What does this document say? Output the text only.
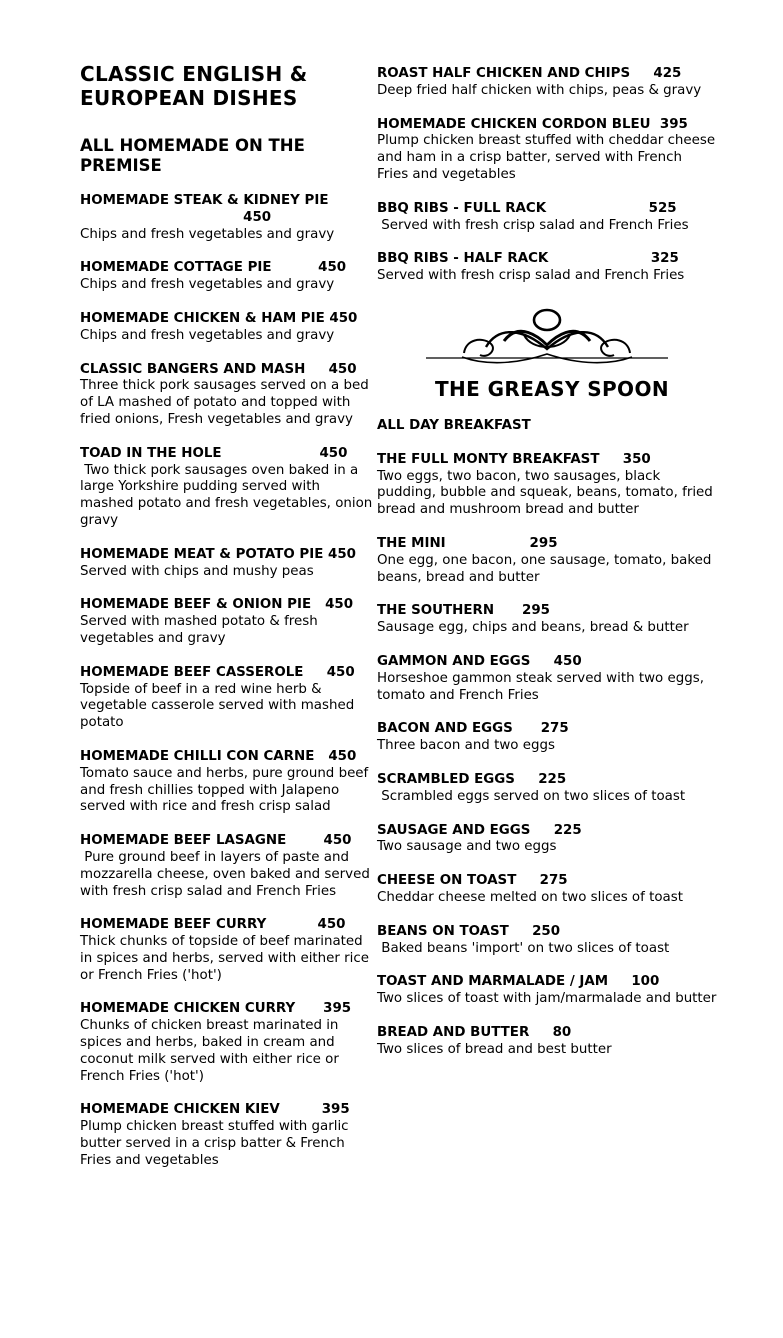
CLASSIC ENGLISH &
EUROPEAN DISHES
ALL HOMEMADE ON THE
PREMISE
HOMEMADE STEAK & KIDNEY PIE
450
Chips and fresh vegetables and gravy
HOMEMADE COTTAGE PIE          450
Chips and fresh vegetables and gravy
HOMEMADE CHICKEN & HAM PIE 450
Chips and fresh vegetables and gravy
CLASSIC BANGERS AND MASH     450
Three thick pork sausages served on a bed of LA mashed of potato and topped with fried onions, Fresh vegetables and gravy
TOAD IN THE HOLE                     450
Two thick pork sausages oven baked in a large Yorkshire pudding served with mashed potato and fresh vegetables, onion gravy
HOMEMADE MEAT & POTATO PIE 450
Served with chips and mushy peas
HOMEMADE BEEF & ONION PIE   450
Served with mashed potato & fresh vegetables and gravy
HOMEMADE BEEF CASSEROLE     450
Topside of beef in a red wine herb & vegetable casserole served with mashed potato
HOMEMADE CHILLI CON CARNE   450
Tomato sauce and herbs, pure ground beef and fresh chillies topped with Jalapeno served with rice and fresh crisp salad
HOMEMADE BEEF LASAGNE        450
Pure ground beef in layers of paste and mozzarella cheese, oven baked and served with fresh crisp salad and French Fries
HOMEMADE BEEF CURRY           450
Thick chunks of topside of beef marinated in spices and herbs, served with either rice or French Fries ('hot')
HOMEMADE CHICKEN CURRY      395
Chunks of chicken breast marinated in spices and herbs, baked in cream and coconut milk served with either rice or French Fries ('hot')
HOMEMADE CHICKEN KIEV         395
Plump chicken breast stuffed with garlic butter served in a crisp batter & French Fries and vegetables
ROAST HALF CHICKEN AND CHIPS     425
Deep fried half chicken with chips, peas & gravy
HOMEMADE CHICKEN CORDON BLEU  395
Plump chicken breast stuffed with cheddar cheese and ham in a crisp batter, served with French Fries and vegetables
BBQ RIBS - FULL RACK                      525
Served with fresh crisp salad and French Fries
BBQ RIBS - HALF RACK                      325
Served with fresh crisp salad and French Fries
THE GREASY SPOON
ALL DAY BREAKFAST
THE FULL MONTY BREAKFAST     350
Two eggs, two bacon, two sausages, black pudding, bubble and squeak, beans, tomato, fried bread and mushroom bread and butter
THE MINI                  295
One egg, one bacon, one sausage, tomato, baked beans, bread and butter
THE SOUTHERN      295
Sausage egg, chips and beans, bread & butter
GAMMON AND EGGS     450
Horseshoe gammon steak served with two eggs, tomato and French Fries
BACON AND EGGS      275
Three bacon and two eggs
SCRAMBLED EGGS     225
Scrambled eggs served on two slices of toast
SAUSAGE AND EGGS     225
Two sausage and two eggs
CHEESE ON TOAST     275
Cheddar cheese melted on two slices of toast
BEANS ON TOAST     250
Baked beans 'import' on two slices of toast
TOAST AND MARMALADE / JAM     100
Two slices of toast with jam/marmalade and butter
BREAD AND BUTTER     80
Two slices of bread and best butter
